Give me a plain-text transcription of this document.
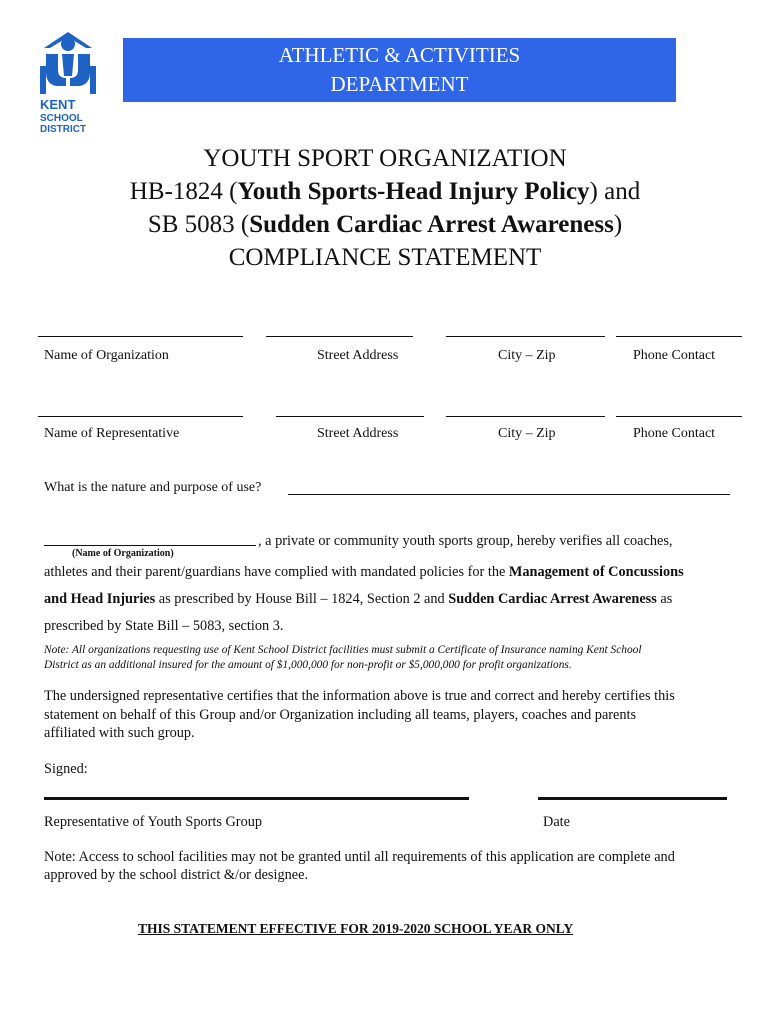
KENT
SCHOOL
DISTRICT
ATHLETIC & ACTIVITIES
DEPARTMENT
YOUTH SPORT ORGANIZATION
HB-1824 (Youth Sports-Head Injury Policy) and
SB 5083 (Sudden Cardiac Arrest Awareness)
COMPLIANCE STATEMENT
Name of Organization	Street Address	City – Zip	Phone Contact
Name of Representative	Street Address	City – Zip	Phone Contact
What is the nature and purpose of use?
, a private or community youth sports group, hereby verifies all coaches,
(Name of Organization)
athletes and their parent/guardians have complied with mandated policies for the Management of Concussions
and Head Injuries as prescribed by House Bill – 1824, Section 2 and Sudden Cardiac Arrest Awareness as
prescribed by State Bill – 5083, section 3.
Note: All organizations requesting use of Kent School District facilities must submit a Certificate of Insurance naming Kent School
District as an additional insured for the amount of $1,000,000 for non-profit or $5,000,000 for profit organizations.
The undersigned representative certifies that the information above is true and correct and hereby certifies this
statement on behalf of this Group and/or Organization including all teams, players, coaches and parents
affiliated with such group.
Signed:
Representative of Youth Sports Group	Date
Note: Access to school facilities may not be granted until all requirements of this application are complete and
approved by the school district &/or designee.
THIS STATEMENT EFFECTIVE FOR 2019-2020 SCHOOL YEAR ONLY
